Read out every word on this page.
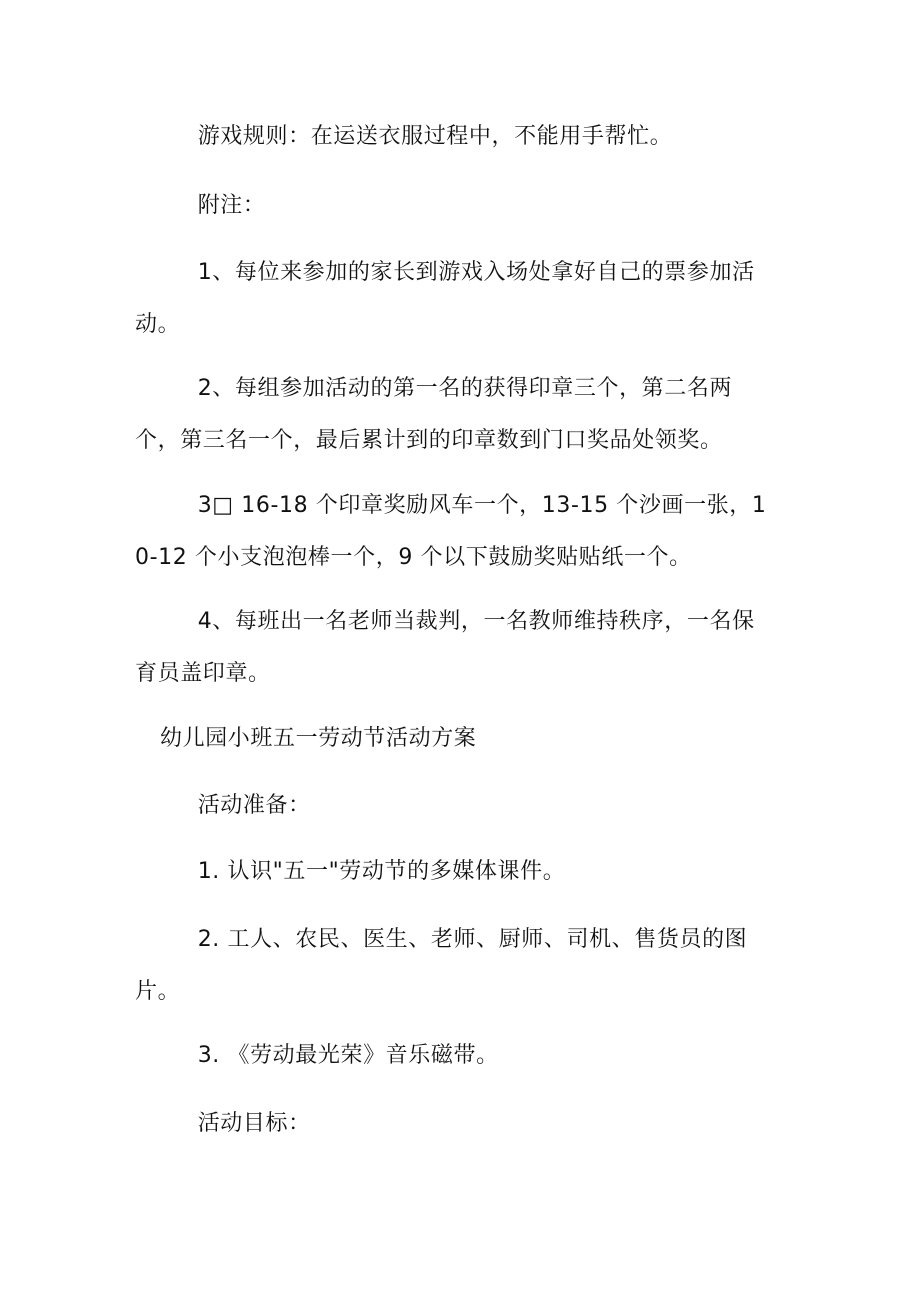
游戏规则：在运送衣服过程中，不能用手帮忙。

附注：

1、每位来参加的家长到游戏入场处拿好自己的票参加活动。

2、每组参加活动的第一名的获得印章三个，第二名两个，第三名一个，最后累计到的印章数到门口奖品处领奖。

3□ 16-18 个印章奖励风车一个，13-15 个沙画一张，10-12 个小支泡泡棒一个，9 个以下鼓励奖贴贴纸一个。

4、每班出一名老师当裁判，一名教师维持秩序，一名保育员盖印章。

幼儿园小班五一劳动节活动方案

活动准备：

1. 认识"五一"劳动节的多媒体课件。

2. 工人、农民、医生、老师、厨师、司机、售货员的图片。

3. 《劳动最光荣》音乐磁带。

活动目标：
